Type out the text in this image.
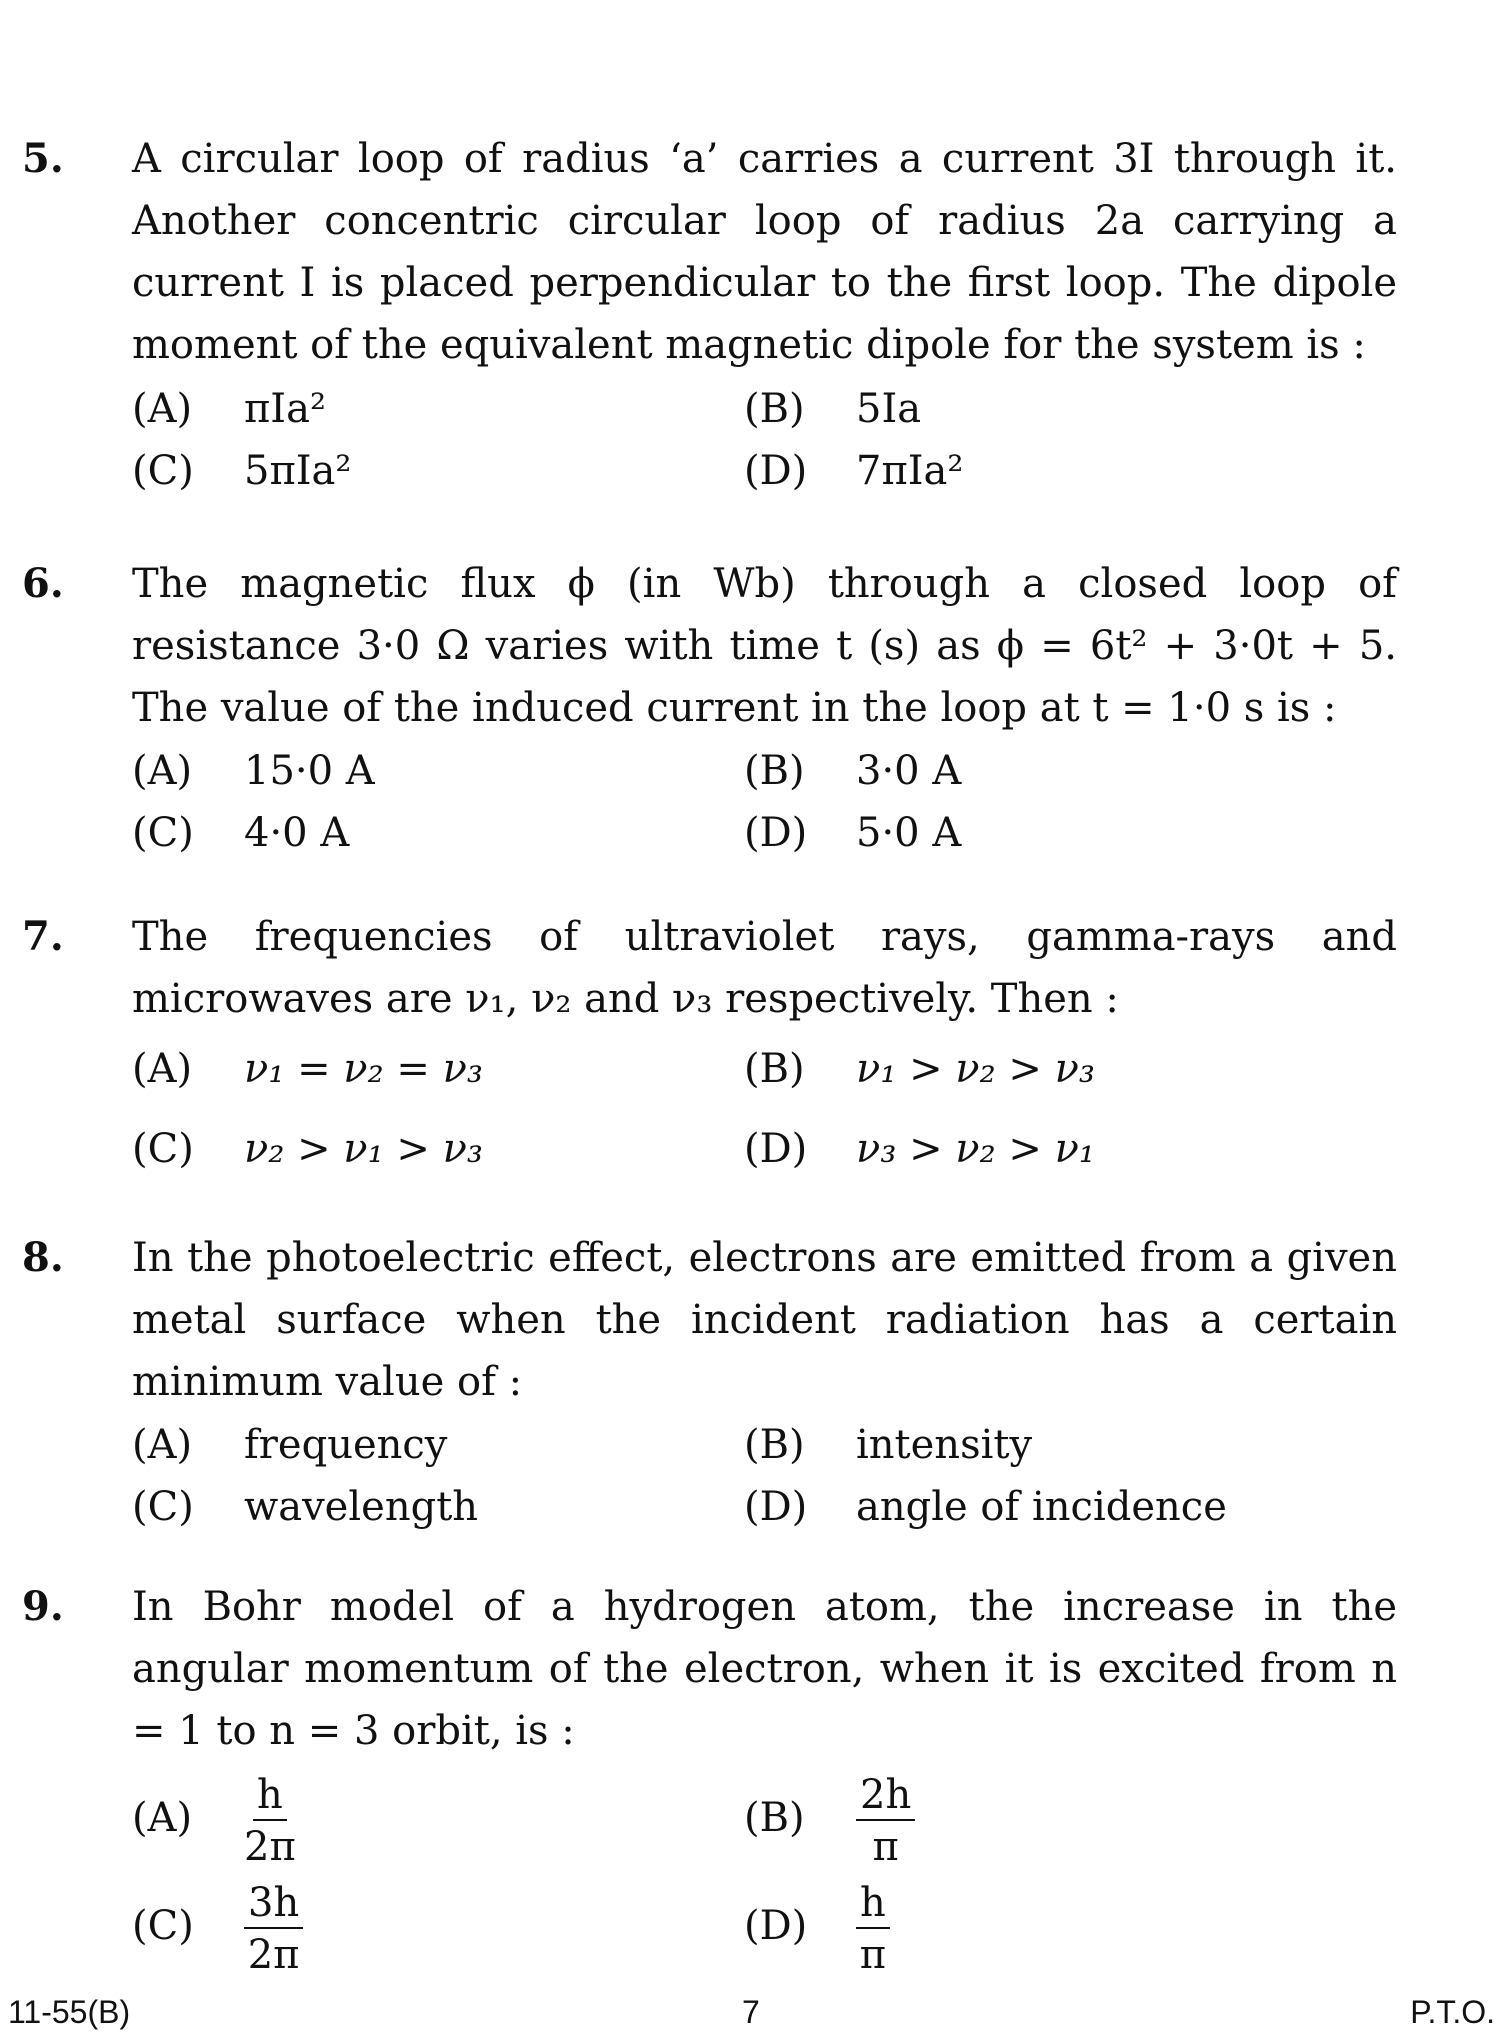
5. A circular loop of radius ‘a’ carries a current 3I through it. Another concentric circular loop of radius 2a carrying a current I is placed perpendicular to the first loop. The dipole moment of the equivalent magnetic dipole for the system is :
(A) πIa²	(B) 5Ia
(C) 5πIa²	(D) 7πIa²
6. The magnetic flux ϕ (in Wb) through a closed loop of resistance 3·0 Ω varies with time t (s) as ϕ = 6t² + 3·0t + 5. The value of the induced current in the loop at t = 1·0 s is :
(A) 15·0 A	(B) 3·0 A
(C) 4·0 A	(D) 5·0 A
7. The frequencies of ultraviolet rays, gamma-rays and microwaves are ν₁, ν₂ and ν₃ respectively. Then :
(A) ν₁ = ν₂ = ν₃	(B) ν₁ > ν₂ > ν₃
(C) ν₂ > ν₁ > ν₃	(D) ν₃ > ν₂ > ν₁
8. In the photoelectric effect, electrons are emitted from a given metal surface when the incident radiation has a certain minimum value of :
(A) frequency	(B) intensity
(C) wavelength	(D) angle of incidence
9. In Bohr model of a hydrogen atom, the increase in the angular momentum of the electron, when it is excited from n = 1 to n = 3 orbit, is :
$(A) \frac{h}{2\pi}$	$(B) \frac{2h}{\pi}$
$(C) \frac{3h}{2\pi}$	$(D) \frac{h}{\pi}$
11-55(B)	7	P.T.O.
